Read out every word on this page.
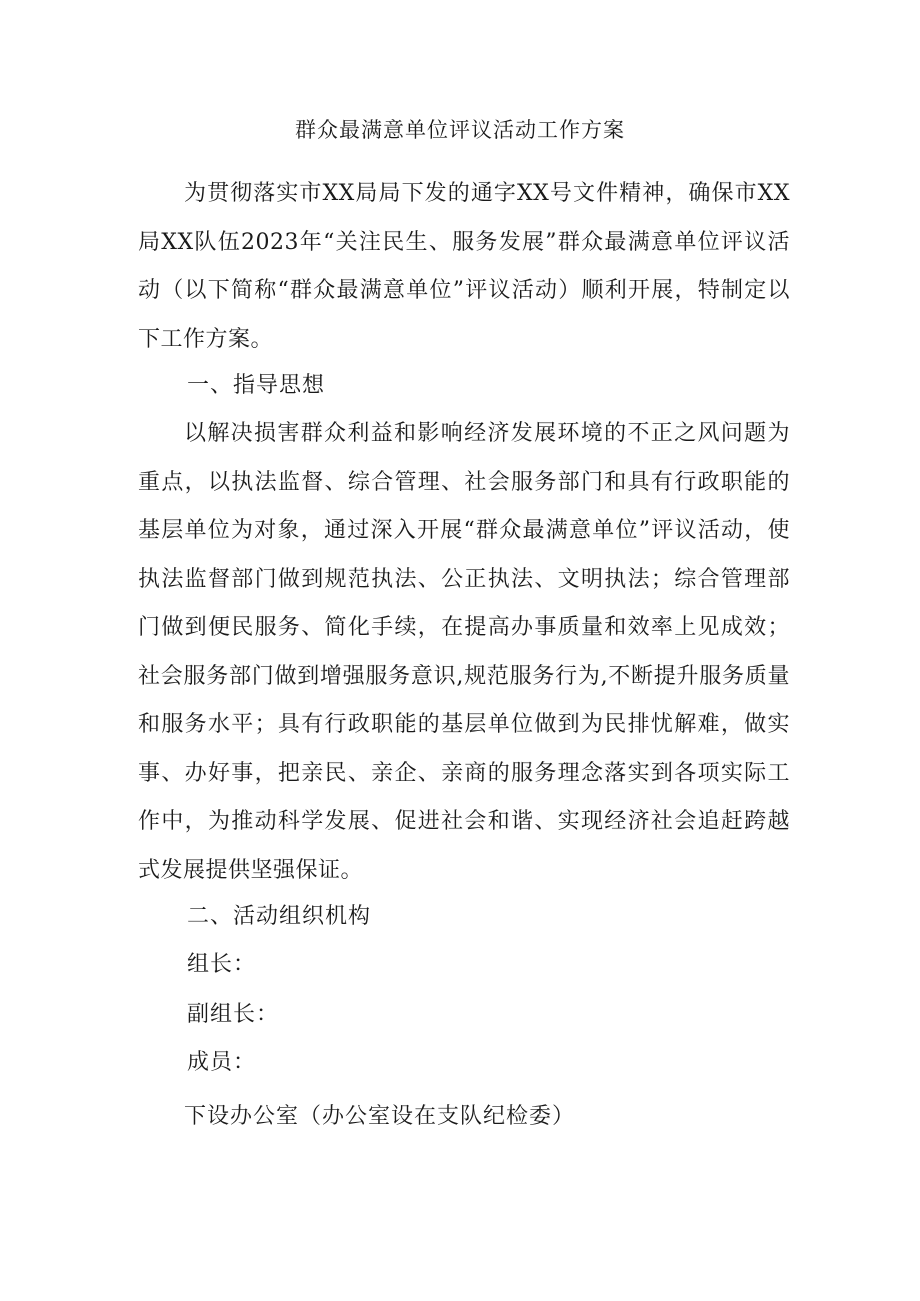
群众最满意单位评议活动工作方案

为贯彻落实市XX局局下发的通字XX号文件精神，确保市XX局XX队伍2023年“关注民生、服务发展”群众最满意单位评议活动（以下简称“群众最满意单位”评议活动）顺利开展，特制定以下工作方案。

一、指导思想

以解决损害群众利益和影响经济发展环境的不正之风问题为重点，以执法监督、综合管理、社会服务部门和具有行政职能的基层单位为对象，通过深入开展“群众最满意单位”评议活动，使执法监督部门做到规范执法、公正执法、文明执法；综合管理部门做到便民服务、简化手续，在提高办事质量和效率上见成效；社会服务部门做到增强服务意识,规范服务行为,不断提升服务质量和服务水平；具有行政职能的基层单位做到为民排忧解难，做实事、办好事，把亲民、亲企、亲商的服务理念落实到各项实际工作中，为推动科学发展、促进社会和谐、实现经济社会追赶跨越式发展提供坚强保证。

二、活动组织机构
组长：
副组长：
成员：
下设办公室（办公室设在支队纪检委）
